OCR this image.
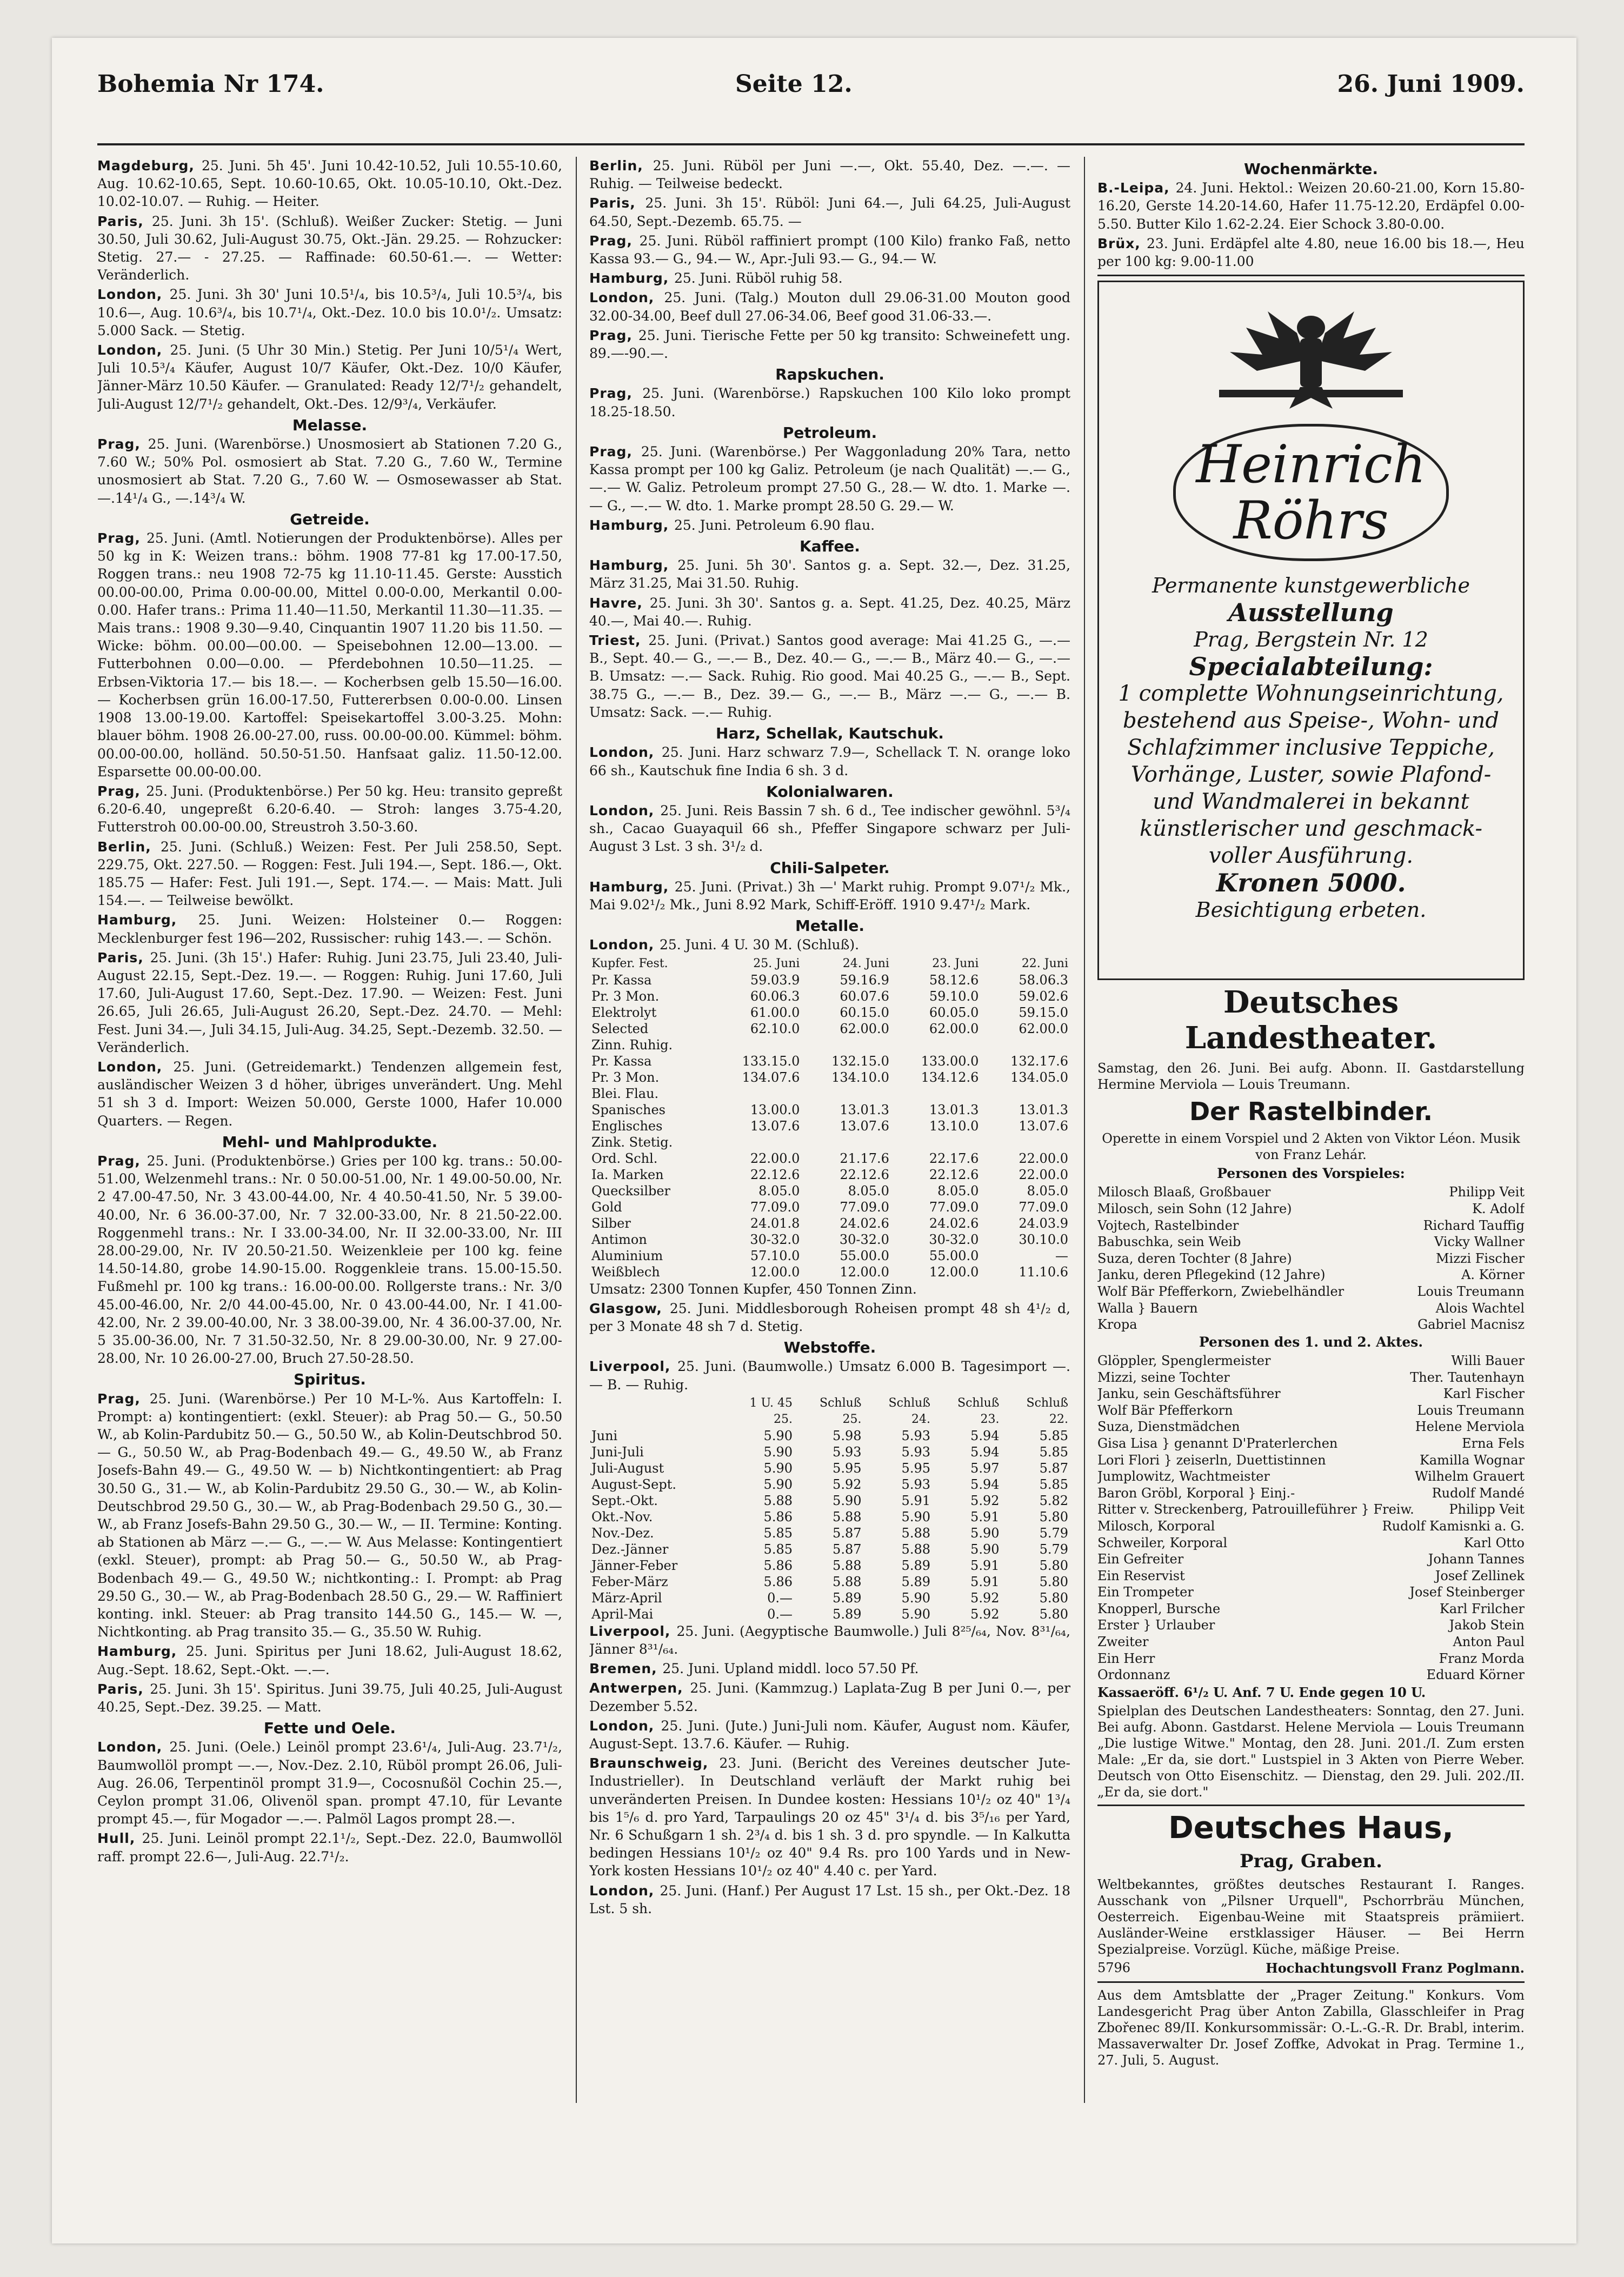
Bohemia Nr 174.	Seite 12.	26. Juni 1909.

Magdeburg, 25. Juni. 5h 45'. Juni 10.42-10.52, Juli 10.55-10.60, Aug. 10.62-10.65, Sept. 10.60-10.65, Okt. 10.05-10.10, Okt.-Dez. 10.02-10.07. — Ruhig. — Heiter.

Paris, 25. Juni. 3h 15'. (Schluß). Weißer Zucker: Stetig. — Juni 30.50, Juli 30.62, Juli-August 30.75, Okt.-Jän. 29.25. — Rohzucker: Stetig. 27.— - 27.25. — Raffinade: 60.50-61.—. — Wetter: Veränderlich.

London, 25. Juni. 3h 30' Juni 10.5¹/₄, bis 10.5³/₄, Juli 10.5³/₄, bis 10.6—, Aug. 10.6³/₄, bis 10.7¹/₄, Okt.-Dez. 10.0 bis 10.0¹/₂. Umsatz: 5.000 Sack. — Stetig.

London, 25. Juni. (5 Uhr 30 Min.) Stetig. Per Juni 10/5¹/₄ Wert, Juli 10.5³/₄ Käufer, August 10/7 Käufer, Okt.-Dez. 10/0 Käufer, Jänner-März 10.50 Käufer. — Granulated: Ready 12/7¹/₂ gehandelt, Juli-August 12/7¹/₂ gehandelt, Okt.-Des. 12/9³/₄, Verkäufer.

Melasse.

Prag, 25. Juni. (Warenbörse.) Unosmosiert ab Stationen 7.20 G., 7.60 W.; 50% Pol. osmosiert ab Stat. 7.20 G., 7.60 W., Termine unosmosiert ab Stat. 7.20 G., 7.60 W. — Osmosewasser ab Stat. —.14¹/₄ G., —.14³/₄ W.

Getreide.

Prag, 25. Juni. (Amtl. Notierungen der Produktenbörse). Alles per 50 kg in K: Weizen trans.: böhm. 1908 77-81 kg 17.00-17.50, Roggen trans.: neu 1908 72-75 kg 11.10-11.45. Gerste: Ausstich 00.00-00.00, Prima 0.00-00.00, Mittel 0.00-0.00, Merkantil 0.00-0.00. Hafer trans.: Prima 11.40—11.50, Merkantil 11.30—11.35. — Mais trans.: 1908 9.30—9.40, Cinquantin 1907 11.20 bis 11.50. — Wicke: böhm. 00.00—00.00. — Speisebohnen 12.00—13.00. — Futterbohnen 0.00—0.00. — Pferdebohnen 10.50—11.25. — Erbsen-Viktoria 17.— bis 18.—. — Kocherbsen gelb 15.50—16.00. — Kocherbsen grün 16.00-17.50, Futtererbsen 0.00-0.00. Linsen 1908 13.00-19.00. Kartoffel: Speisekartoffel 3.00-3.25. Mohn: blauer böhm. 1908 26.00-27.00, russ. 00.00-00.00. Kümmel: böhm. 00.00-00.00, holländ. 50.50-51.50. Hanfsaat galiz. 11.50-12.00. Esparsette 00.00-00.00.

Prag, 25. Juni. (Produktenbörse.) Per 50 kg. Heu: transito gepreßt 6.20-6.40, ungepreßt 6.20-6.40. — Stroh: langes 3.75-4.20, Futterstroh 00.00-00.00, Streustroh 3.50-3.60.

Berlin, 25. Juni. (Schluß.) Weizen: Fest. Per Juli 258.50, Sept. 229.75, Okt. 227.50. — Roggen: Fest. Juli 194.—, Sept. 186.—, Okt. 185.75 — Hafer: Fest. Juli 191.—, Sept. 174.—. — Mais: Matt. Juli 154.—. — Teilweise bewölkt.

Hamburg, 25. Juni. Weizen: Holsteiner 0.— Roggen: Mecklenburger fest 196—202, Russischer: ruhig 143.—. — Schön.

Paris, 25. Juni. (3h 15'.) Hafer: Ruhig. Juni 23.75, Juli 23.40, Juli-August 22.15, Sept.-Dez. 19.—. — Roggen: Ruhig. Juni 17.60, Juli 17.60, Juli-August 17.60, Sept.-Dez. 17.90. — Weizen: Fest. Juni 26.65, Juli 26.65, Juli-August 26.20, Sept.-Dez. 24.70. — Mehl: Fest. Juni 34.—, Juli 34.15, Juli-Aug. 34.25, Sept.-Dezemb. 32.50. — Veränderlich.

London, 25. Juni. (Getreidemarkt.) Tendenzen allgemein fest, ausländischer Weizen 3 d höher, übriges unverändert. Ung. Mehl 51 sh 3 d. Import: Weizen 50.000, Gerste 1000, Hafer 10.000 Quarters. — Regen.

Mehl- und Mahlprodukte.

Prag, 25. Juni. (Produktenbörse.) Gries per 100 kg. trans.: 50.00-51.00, Welzenmehl trans.: Nr. 0 50.00-51.00, Nr. 1 49.00-50.00, Nr. 2 47.00-47.50, Nr. 3 43.00-44.00, Nr. 4 40.50-41.50, Nr. 5 39.00-40.00, Nr. 6 36.00-37.00, Nr. 7 32.00-33.00, Nr. 8 21.50-22.00. Roggenmehl trans.: Nr. I 33.00-34.00, Nr. II 32.00-33.00, Nr. III 28.00-29.00, Nr. IV 20.50-21.50. Weizenkleie per 100 kg. feine 14.50-14.80, grobe 14.90-15.00. Roggenkleie trans. 15.00-15.50. Fußmehl pr. 100 kg trans.: 16.00-00.00. Rollgerste trans.: Nr. 3/0 45.00-46.00, Nr. 2/0 44.00-45.00, Nr. 0 43.00-44.00, Nr. I 41.00-42.00, Nr. 2 39.00-40.00, Nr. 3 38.00-39.00, Nr. 4 36.00-37.00, Nr. 5 35.00-36.00, Nr. 7 31.50-32.50, Nr. 8 29.00-30.00, Nr. 9 27.00-28.00, Nr. 10 26.00-27.00, Bruch 27.50-28.50.

Spiritus.

Prag, 25. Juni. (Warenbörse.) Per 10 M-L-%. Aus Kartoffeln: I. Prompt: a) kontingentiert: (exkl. Steuer): ab Prag 50.— G., 50.50 W., ab Kolin-Pardubitz 50.— G., 50.50 W., ab Kolin-Deutschbrod 50.— G., 50.50 W., ab Prag-Bodenbach 49.— G., 49.50 W., ab Franz Josefs-Bahn 49.— G., 49.50 W. — b) Nichtkontingentiert: ab Prag 30.50 G., 31.— W., ab Kolin-Pardubitz 29.50 G., 30.— W., ab Kolin-Deutschbrod 29.50 G., 30.— W., ab Prag-Bodenbach 29.50 G., 30.— W., ab Franz Josefs-Bahn 29.50 G., 30.— W., — II. Termine: Konting. ab Stationen ab März —.— G., —.— W. Aus Melasse: Kontingentiert (exkl. Steuer), prompt: ab Prag 50.— G., 50.50 W., ab Prag-Bodenbach 49.— G., 49.50 W.; nichtkonting.: I. Prompt: ab Prag 29.50 G., 30.— W., ab Prag-Bodenbach 28.50 G., 29.— W. Raffiniert konting. inkl. Steuer: ab Prag transito 144.50 G., 145.— W. —, Nichtkonting. ab Prag transito 35.— G., 35.50 W. Ruhig.

Hamburg, 25. Juni. Spiritus per Juni 18.62, Juli-August 18.62, Aug.-Sept. 18.62, Sept.-Okt. —.—.

Paris, 25. Juni. 3h 15'. Spiritus. Juni 39.75, Juli 40.25, Juli-August 40.25, Sept.-Dez. 39.25. — Matt.

Fette und Oele.

London, 25. Juni. (Oele.) Leinöl prompt 23.6¹/₄, Juli-Aug. 23.7¹/₂, Baumwollöl prompt —.—, Nov.-Dez. 2.10, Rüböl prompt 26.06, Juli-Aug. 26.06, Terpentinöl prompt 31.9—, Cocosnußöl Cochin 25.—, Ceylon prompt 31.06, Olivenöl span. prompt 47.10, für Levante prompt 45.—, für Mogador —.—. Palmöl Lagos prompt 28.—.

Hull, 25. Juni. Leinöl prompt 22.1¹/₂, Sept.-Dez. 22.0, Baumwollöl raff. prompt 22.6—, Juli-Aug. 22.7¹/₂.

Berlin, 25. Juni. Rüböl per Juni —.—, Okt. 55.40, Dez. —.—. — Ruhig. — Teilweise bedeckt.

Paris, 25. Juni. 3h 15'. Rüböl: Juni 64.—, Juli 64.25, Juli-August 64.50, Sept.-Dezemb. 65.75. —

Prag, 25. Juni. Rüböl raffiniert prompt (100 Kilo) franko Faß, netto Kassa 93.— G., 94.— W., Apr.-Juli 93.— G., 94.— W.

Hamburg, 25. Juni. Rüböl ruhig 58.

London, 25. Juni. (Talg.) Mouton dull 29.06-31.00 Mouton good 32.00-34.00, Beef dull 27.06-34.06, Beef good 31.06-33.—.

Prag, 25. Juni. Tierische Fette per 50 kg transito: Schweinefett ung. 89.—-90.—.

Rapskuchen.

Prag, 25. Juni. (Warenbörse.) Rapskuchen 100 Kilo loko prompt 18.25-18.50.

Petroleum.

Prag, 25. Juni. (Warenbörse.) Per Waggonladung 20% Tara, netto Kassa prompt per 100 kg Galiz. Petroleum (je nach Qualität) —.— G., —.— W. Galiz. Petroleum prompt 27.50 G., 28.— W. dto. 1. Marke —.— G., —.— W. dto. 1. Marke prompt 28.50 G. 29.— W.

Hamburg, 25. Juni. Petroleum 6.90 flau.

Kaffee.

Hamburg, 25. Juni. 5h 30'. Santos g. a. Sept. 32.—, Dez. 31.25, März 31.25, Mai 31.50. Ruhig.

Havre, 25. Juni. 3h 30'. Santos g. a. Sept. 41.25, Dez. 40.25, März 40.—, Mai 40.—. Ruhig.

Triest, 25. Juni. (Privat.) Santos good average: Mai 41.25 G., —.— B., Sept. 40.— G., —.— B., Dez. 40.— G., —.— B., März 40.— G., —.— B. Umsatz: —.— Sack. Ruhig. Rio good. Mai 40.25 G., —.— B., Sept. 38.75 G., —.— B., Dez. 39.— G., —.— B., März —.— G., —.— B. Umsatz: Sack. —.— Ruhig.

Harz, Schellak, Kautschuk.

London, 25. Juni. Harz schwarz 7.9—, Schellack T. N. orange loko 66 sh., Kautschuk fine India 6 sh. 3 d.

Kolonialwaren.

London, 25. Juni. Reis Bassin 7 sh. 6 d., Tee indischer gewöhnl. 5³/₄ sh., Cacao Guayaquil 66 sh., Pfeffer Singapore schwarz per Juli-August 3 Lst. 3 sh. 3¹/₂ d.

Chili-Salpeter.

Hamburg, 25. Juni. (Privat.) 3h —' Markt ruhig. Prompt 9.07¹/₂ Mk., Mai 9.02¹/₂ Mk., Juni 8.92 Mark, Schiff-Eröff. 1910 9.47¹/₂ Mark.

Metalle.

London, 25. Juni. 4 U. 30 M. (Schluß).

Kupfer. Fest.	25. Juni	24. Juni	23. Juni	22. Juni
Pr. Kassa	59.03.9	59.16.9	58.12.6	58.06.3
Pr. 3 Mon.	60.06.3	60.07.6	59.10.0	59.02.6
Elektrolyt	61.00.0	60.15.0	60.05.0	59.15.0
Selected	62.10.0	62.00.0	62.00.0	62.00.0
Zinn. Ruhig.				
Pr. Kassa	133.15.0	132.15.0	133.00.0	132.17.6
Pr. 3 Mon.	134.07.6	134.10.0	134.12.6	134.05.0
Blei. Flau.				
Spanisches	13.00.0	13.01.3	13.01.3	13.01.3
Englisches	13.07.6	13.07.6	13.10.0	13.07.6
Zink. Stetig.				
Ord. Schl.	22.00.0	21.17.6	22.17.6	22.00.0
Ia. Marken	22.12.6	22.12.6	22.12.6	22.00.0
Quecksilber	8.05.0	8.05.0	8.05.0	8.05.0
Gold	77.09.0	77.09.0	77.09.0	77.09.0
Silber	24.01.8	24.02.6	24.02.6	24.03.9
Antimon	30-32.0	30-32.0	30-32.0	30.10.0
Aluminium	57.10.0	55.00.0	55.00.0	—
Weißblech	12.00.0	12.00.0	12.00.0	11.10.6

Umsatz: 2300 Tonnen Kupfer, 450 Tonnen Zinn.

Glasgow, 25. Juni. Middlesborough Roheisen prompt 48 sh 4¹/₂ d, per 3 Monate 48 sh 7 d. Stetig.

Webstoffe.

Liverpool, 25. Juni. (Baumwolle.) Umsatz 6.000 B. Tagesimport —.— B. — Ruhig.

	1 U. 45	Schluß	Schluß	Schluß	Schluß
	25.	25.	24.	23.	22.
Juni	5.90	5.98	5.93	5.94	5.85
Juni-Juli	5.90	5.93	5.93	5.94	5.85
Juli-August	5.90	5.95	5.95	5.97	5.87
August-Sept.	5.90	5.92	5.93	5.94	5.85
Sept.-Okt.	5.88	5.90	5.91	5.92	5.82
Okt.-Nov.	5.86	5.88	5.90	5.91	5.80
Nov.-Dez.	5.85	5.87	5.88	5.90	5.79
Dez.-Jänner	5.85	5.87	5.88	5.90	5.79
Jänner-Feber	5.86	5.88	5.89	5.91	5.80
Feber-März	5.86	5.88	5.89	5.91	5.80
März-April	0.—	5.89	5.90	5.92	5.80
April-Mai	0.—	5.89	5.90	5.92	5.80

Liverpool, 25. Juni. (Aegyptische Baumwolle.) Juli 8²⁵/₆₄, Nov. 8³¹/₆₄, Jänner 8³¹/₆₄.

Bremen, 25. Juni. Upland middl. loco 57.50 Pf.

Antwerpen, 25. Juni. (Kammzug.) Laplata-Zug B per Juni 0.—, per Dezember 5.52.

London, 25. Juni. (Jute.) Juni-Juli nom. Käufer, August nom. Käufer, August-Sept. 13.7.6. Käufer. — Ruhig.

Braunschweig, 23. Juni. (Bericht des Vereines deutscher Jute-Industrieller). In Deutschland verläuft der Markt ruhig bei unveränderten Preisen. In Dundee kosten: Hessians 10¹/₂ oz 40" 1³/₄ bis 1⁵/₆ d. pro Yard, Tarpaulings 20 oz 45" 3¹/₄ d. bis 3⁵/₁₆ per Yard, Nr. 6 Schußgarn 1 sh. 2³/₄ d. bis 1 sh. 3 d. pro spyndle. — In Kalkutta bedingen Hessians 10¹/₂ oz 40" 9.4 Rs. pro 100 Yards und in New-York kosten Hessians 10¹/₂ oz 40" 4.40 c. per Yard.

London, 25. Juni. (Hanf.) Per August 17 Lst. 15 sh., per Okt.-Dez. 18 Lst. 5 sh.

Wochenmärkte.

B.-Leipa, 24. Juni. Hektol.: Weizen 20.60-21.00, Korn 15.80-16.20, Gerste 14.20-14.60, Hafer 11.75-12.20, Erdäpfel 0.00-5.50. Butter Kilo 1.62-2.24. Eier Schock 3.80-0.00.

Brüx, 23. Juni. Erdäpfel alte 4.80, neue 16.00 bis 18.—, Heu per 100 kg: 9.00-11.00

Heinrich
Röhrs
Permanente kunstgewerbliche
Ausstellung
Prag, Bergstein Nr. 12
Specialabteilung:
1 complette Wohnungseinrichtung,
bestehend aus Speise-, Wohn- und
Schlafzimmer inclusive Teppiche,
Vorhänge, Luster, sowie Plafond-
und Wandmalerei in bekannt
künstlerischer und geschmack-
voller Ausführung.
Kronen 5000.
Besichtigung erbeten.
Deutsches Landestheater.

Samstag, den 26. Juni. Bei aufg. Abonn. II. Gastdarstellung Hermine Merviola — Louis Treumann.

Der Rastelbinder.

Operette in einem Vorspiel und 2 Akten von Viktor Léon. Musik von Franz Lehár.

Personen des Vorspieles:

Milosch Blaaß, Großbauer	Philipp Veit
Milosch, sein Sohn (12 Jahre)	K. Adolf
Vojtech, Rastelbinder	Richard Tauffig
Babuschka, sein Weib	Vicky Wallner
Suza, deren Tochter (8 Jahre)	Mizzi Fischer
Janku, deren Pflegekind (12 Jahre)	A. Körner
Wolf Bär Pfefferkorn, Zwiebelhändler	Louis Treumann
Walla } Bauern	Alois Wachtel
Kropa	Gabriel Macnisz

Personen des 1. und 2. Aktes.

Glöppler, Spenglermeister	Willi Bauer
Mizzi, seine Tochter	Ther. Tautenhayn
Janku, sein Geschäftsführer	Karl Fischer
Wolf Bär Pfefferkorn	Louis Treumann
Suza, Dienstmädchen	Helene Merviola
Gisa Lisa } genannt D'Praterlerchen	Erna Fels
Lori Flori } zeiserln, Duettistinnen	Kamilla Wognar
Jumplowitz, Wachtmeister	Wilhelm Grauert
Baron Gröbl, Korporal } Einj.-	Rudolf Mandé
Ritter v. Streckenberg, Patrouilleführer } Freiw.	Philipp Veit
Milosch, Korporal	Rudolf Kamisnki a. G.
Schweiler, Korporal	Karl Otto
Ein Gefreiter	Johann Tannes
Ein Reservist	Josef Zellinek
Ein Trompeter	Josef Steinberger
Knopperl, Bursche	Karl Frilcher
Erster } Urlauber	Jakob Stein
Zweiter	Anton Paul
Ein Herr	Franz Morda
Ordonnanz	Eduard Körner

Kassaeröff. 6¹/₂ U. Anf. 7 U. Ende gegen 10 U.

Spielplan des Deutschen Landestheaters: Sonntag, den 27. Juni. Bei aufg. Abonn. Gastdarst. Helene Merviola — Louis Treumann „Die lustige Witwe." Montag, den 28. Juni. 201./I. Zum ersten Male: „Er da, sie dort." Lustspiel in 3 Akten von Pierre Weber. Deutsch von Otto Eisenschitz. — Dienstag, den 29. Juli. 202./II. „Er da, sie dort."

Deutsches Haus,
Prag, Graben.

Weltbekanntes, größtes deutsches Restaurant I. Ranges. Ausschank von „Pilsner Urquell", Pschorrbräu München, Oesterreich. Eigenbau-Weine mit Staatspreis prämiiert. Ausländer-Weine erstklassiger Häuser. — Bei Herrn Spezialpreise. Vorzügl. Küche, mäßige Preise.

5796	Hochachtungsvoll Franz Poglmann.

Aus dem Amtsblatte der „Prager Zeitung." Konkurs. Vom Landesgericht Prag über Anton Zabilla, Glasschleifer in Prag Zbořenec 89/II. Konkursommissär: O.-L.-G.-R. Dr. Brabl, interim. Massaverwalter Dr. Josef Zoffke, Advokat in Prag. Termine 1., 27. Juli, 5. August.
